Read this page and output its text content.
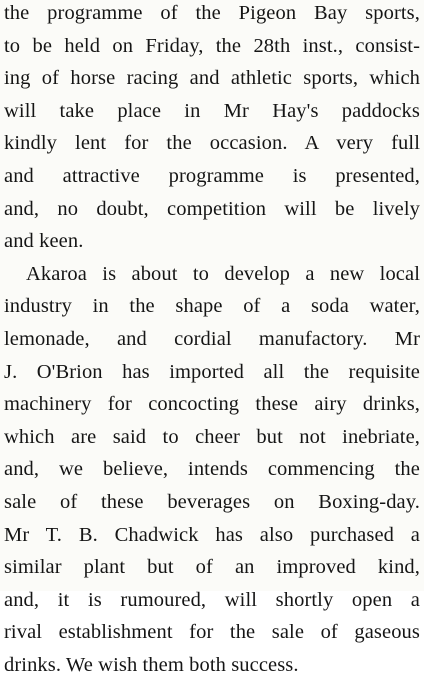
the programme of the Pigeon Bay sports,
to be held on Friday, the 28th inst., consist-
ing of horse racing and athletic sports, which
will take place in Mr Hay's paddocks
kindly lent for the occasion. A very full
and attractive programme is presented,
and, no doubt, competition will be lively
and keen.

Akaroa is about to develop a new local
industry in the shape of a soda water,
lemonade, and cordial manufactory. Mr
J. O'Brion has imported all the requisite
machinery for concocting these airy drinks,
which are said to cheer but not inebriate,
and, we believe, intends commencing the
sale of these beverages on Boxing-day.
Mr T. B. Chadwick has also purchased a
similar plant but of an improved kind,
and, it is rumoured, will shortly open a
rival establishment for the sale of gaseous
drinks. We wish them both success.
